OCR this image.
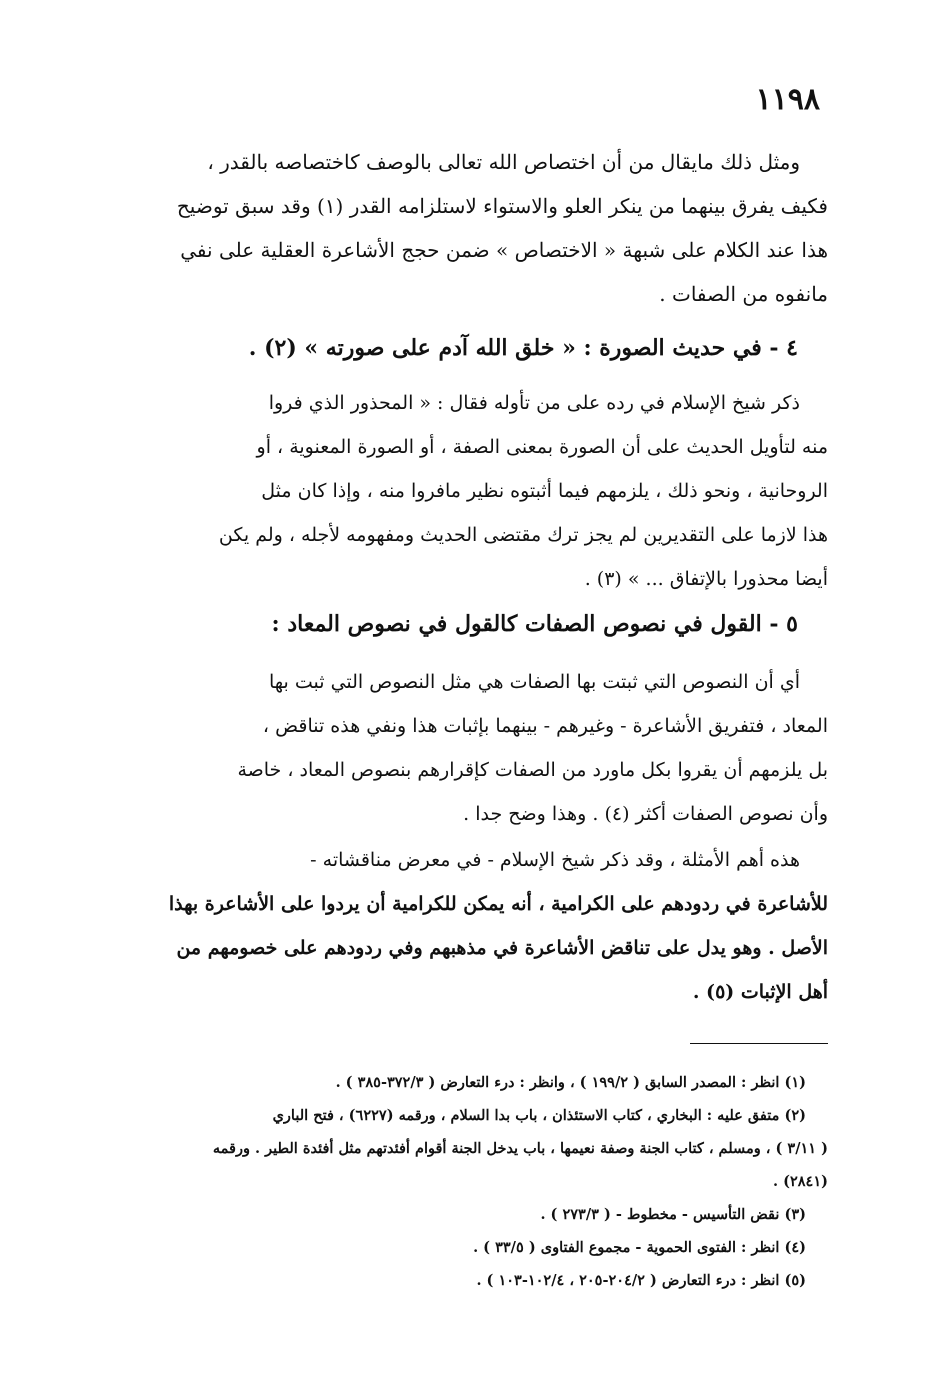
١١٩٨
ومثل ذلك مايقال من أن اختصاص الله تعالى بالوصف كاختصاصه بالقدر ،
فكيف يفرق بينهما من ينكر العلو والاستواء لاستلزامه القدر (١) وقد سبق توضيح
هذا عند الكلام على شبهة « الاختصاص » ضمن حجج الأشاعرة العقلية على نفي
مانفوه من الصفات .
٤ - في حديث الصورة : « خلق الله آدم على صورته » (٢) .
ذكر شيخ الإسلام في رده على من تأوله فقال : « المحذور الذي فروا
منه لتأويل الحديث على أن الصورة بمعنى الصفة ، أو الصورة المعنوية ، أو
الروحانية ، ونحو ذلك ، يلزمهم فيما أثبتوه نظير مافروا منه ، وإذا كان مثل
هذا لازما على التقديرين لم يجز ترك مقتضى الحديث ومفهومه لأجله ، ولم يكن
أيضا محذورا بالإتفاق ... » (٣) .
٥ - القول في نصوص الصفات كالقول في نصوص المعاد :
أي أن النصوص التي ثبتت بها الصفات هي مثل النصوص التي ثبت بها
المعاد ، فتفريق الأشاعرة - وغيرهم - بينهما بإثبات هذا ونفي هذه تناقض ،
بل يلزمهم أن يقروا بكل ماورد من الصفات كإقرارهم بنصوص المعاد ، خاصة
وأن نصوص الصفات أكثر (٤) . وهذا وضح جدا .
هذه أهم الأمثلة ، وقد ذكر شيخ الإسلام - في معرض مناقشاته -
للأشاعرة في ردودهم على الكرامية ، أنه يمكن للكرامية أن يردوا على الأشاعرة بهذا
الأصل . وهو يدل على تناقض الأشاعرة في مذهبهم وفي ردودهم على خصومهم من
أهل الإثبات (٥) .
(١) انظر : المصدر السابق ( ١٩٩/٢ ) ، وانظر : درء التعارض ( ٣٧٢/٣-٣٨٥ ) .
(٢) متفق عليه : البخاري ، كتاب الاستئذان ، باب بدا السلام ، ورقمه (٦٢٢٧) ، فتح الباري
( ٣/١١ ) ، ومسلم ، كتاب الجنة وصفة نعيمها ، باب يدخل الجنة أقوام أفئدتهم مثل أفئدة الطير . ورقمه
(٢٨٤١) .
(٣) نقض التأسيس - مخطوط - ( ٢٧٣/٣ ) .
(٤) انظر : الفتوى الحموية - مجموع الفتاوى ( ٣٣/٥ ) .
(٥) انظر : درء التعارض ( ٢٠٤/٢-٢٠٥ ، ١٠٢/٤-١٠٣ ) .
